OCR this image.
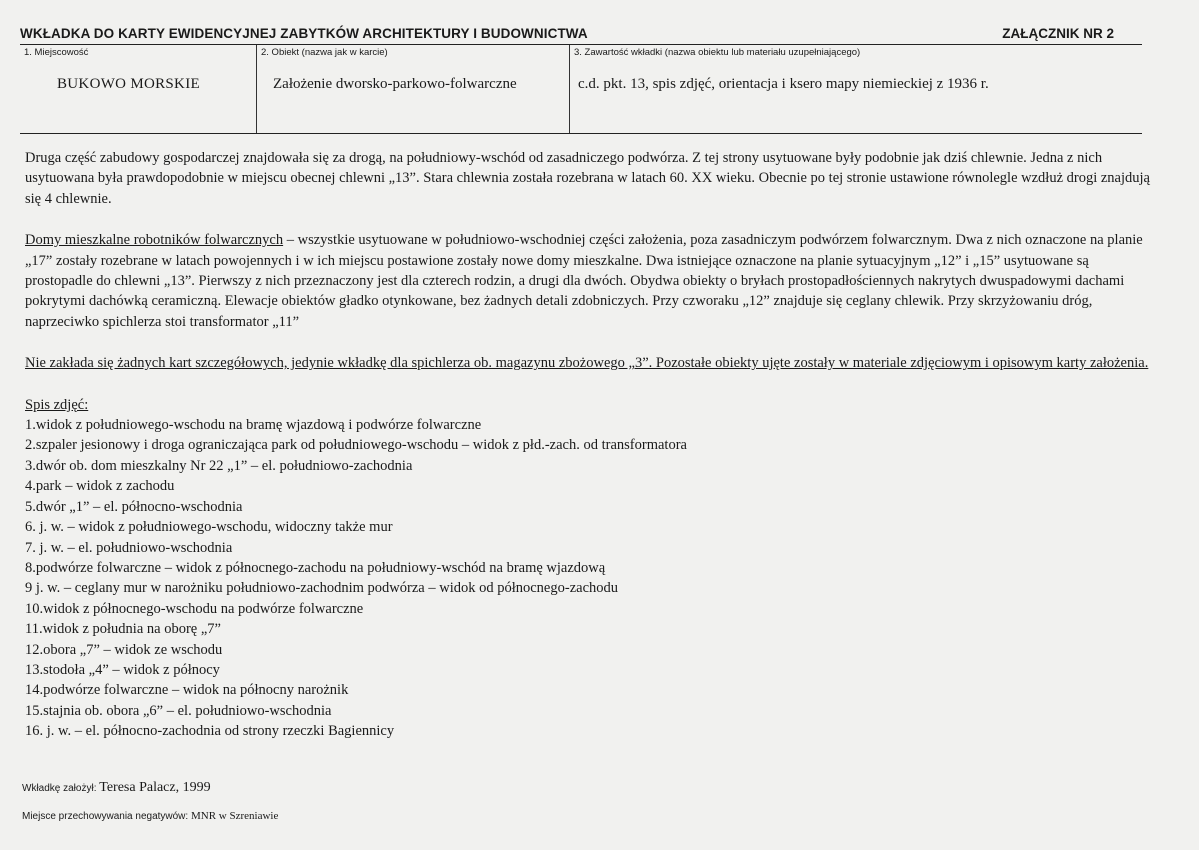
WKŁADKA DO KARTY EWIDENCYJNEJ ZABYTKÓW ARCHITEKTURY I BUDOWNICTWA	ZAŁĄCZNIK NR 2
1. Miejscowość
BUKOWO MORSKIE
2. Obiekt (nazwa jak w karcie)
Założenie dworsko-parkowo-folwarczne
3. Zawartość wkładki (nazwa obiektu lub materiału uzupełniającego)
c.d. pkt. 13, spis zdjęć, orientacja i ksero mapy niemieckiej z 1936 r.

Druga część zabudowy gospodarczej znajdowała się za drogą, na południowy-wschód od zasadniczego podwórza. Z tej strony usytuowane były podobnie jak dziś chlewnie. Jedna z nich usytuowana była prawdopodobnie w miejscu obecnej chlewni „13”. Stara chlewnia została rozebrana w latach 60. XX wieku. Obecnie po tej stronie ustawione równolegle wzdłuż drogi znajdują się 4 chlewnie.

Domy mieszkalne robotników folwarcznych – wszystkie usytuowane w południowo-wschodniej części założenia, poza zasadniczym podwórzem folwarcznym. Dwa z nich oznaczone na planie „17” zostały rozebrane w latach powojennych i w ich miejscu postawione zostały nowe domy mieszkalne. Dwa istniejące oznaczone na planie sytuacyjnym „12” i „15” usytuowane są prostopadle do chlewni „13”. Pierwszy z nich przeznaczony jest dla czterech rodzin, a drugi dla dwóch. Obydwa obiekty o bryłach prostopadłościennych nakrytych dwuspadowymi dachami pokrytymi dachówką ceramiczną. Elewacje obiektów gładko otynkowane, bez żadnych detali zdobniczych. Przy czworaku „12” znajduje się ceglany chlewik. Przy skrzyżowaniu dróg, naprzeciwko spichlerza stoi transformator „11”

Nie zakłada się żadnych kart szczegółowych, jedynie wkładkę dla spichlerza ob. magazynu zbożowego „3”. Pozostałe obiekty ujęte zostały w materiale zdjęciowym i opisowym karty założenia.

Spis zdjęć:

1.widok z południowego-wschodu na bramę wjazdową i podwórze folwarczne

2.szpaler jesionowy i droga ograniczająca park od południowego-wschodu – widok z płd.-zach. od transformatora

3.dwór ob. dom mieszkalny Nr 22 „1” – el. południowo-zachodnia

4.park – widok z zachodu

5.dwór „1” – el. północno-wschodnia

6. j. w. – widok z południowego-wschodu, widoczny także mur

7. j. w. – el. południowo-wschodnia

8.podwórze folwarczne – widok z północnego-zachodu na południowy-wschód na bramę wjazdową

9 j. w. – ceglany mur w narożniku południowo-zachodnim podwórza – widok od północnego-zachodu

10.widok z północnego-wschodu na podwórze folwarczne

11.widok z południa na oborę „7”

12.obora „7” – widok ze wschodu

13.stodoła „4” – widok z północy

14.podwórze folwarczne – widok na północny narożnik

15.stajnia ob. obora „6” – el. południowo-wschodnia

16. j. w. – el. północno-zachodnia od strony rzeczki Bagiennicy

Wkładkę założył: Teresa Palacz, 1999
Miejsce przechowywania negatywów: MNR w Szreniawie
